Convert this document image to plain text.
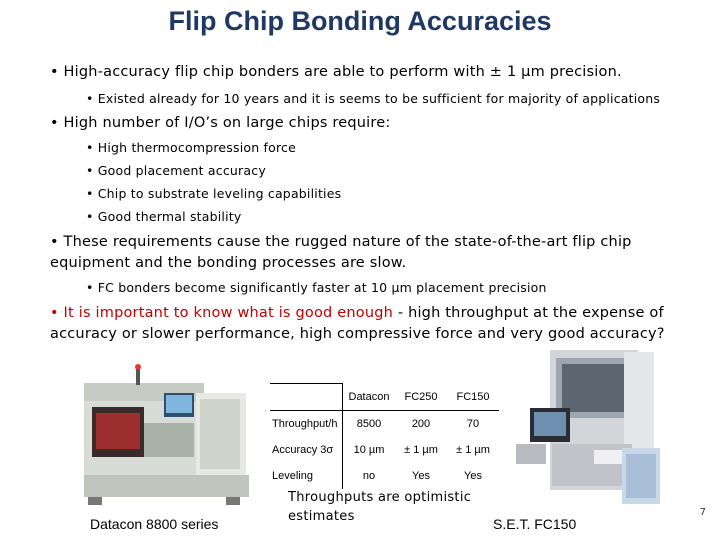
Flip Chip Bonding Accuracies
• High-accuracy flip chip bonders are able to perform with ± 1 µm precision.
• Existed already for 10 years and it is seems to be sufficient for majority of applications
• High number of I/O’s on large chips require:
• High thermocompression force
• Good placement accuracy
• Chip to substrate leveling capabilities
• Good thermal stability
• These requirements cause the rugged nature of the state-of-the-art flip chip equipment and the bonding processes are slow.
• FC bonders become significantly faster at 10 µm placement precision
• It is important to know what is good enough - high throughput at the expense of accuracy or slower performance, high compressive force and very good accuracy?
	Datacon	FC250	FC150
Throughput/h	8500	200	70
Accuracy 3σ	10 µm	± 1 µm	± 1 µm
Leveling	no	Yes	Yes
Datacon 8800 series
Throughputs are optimistic estimates	S.E.T. FC150
7
